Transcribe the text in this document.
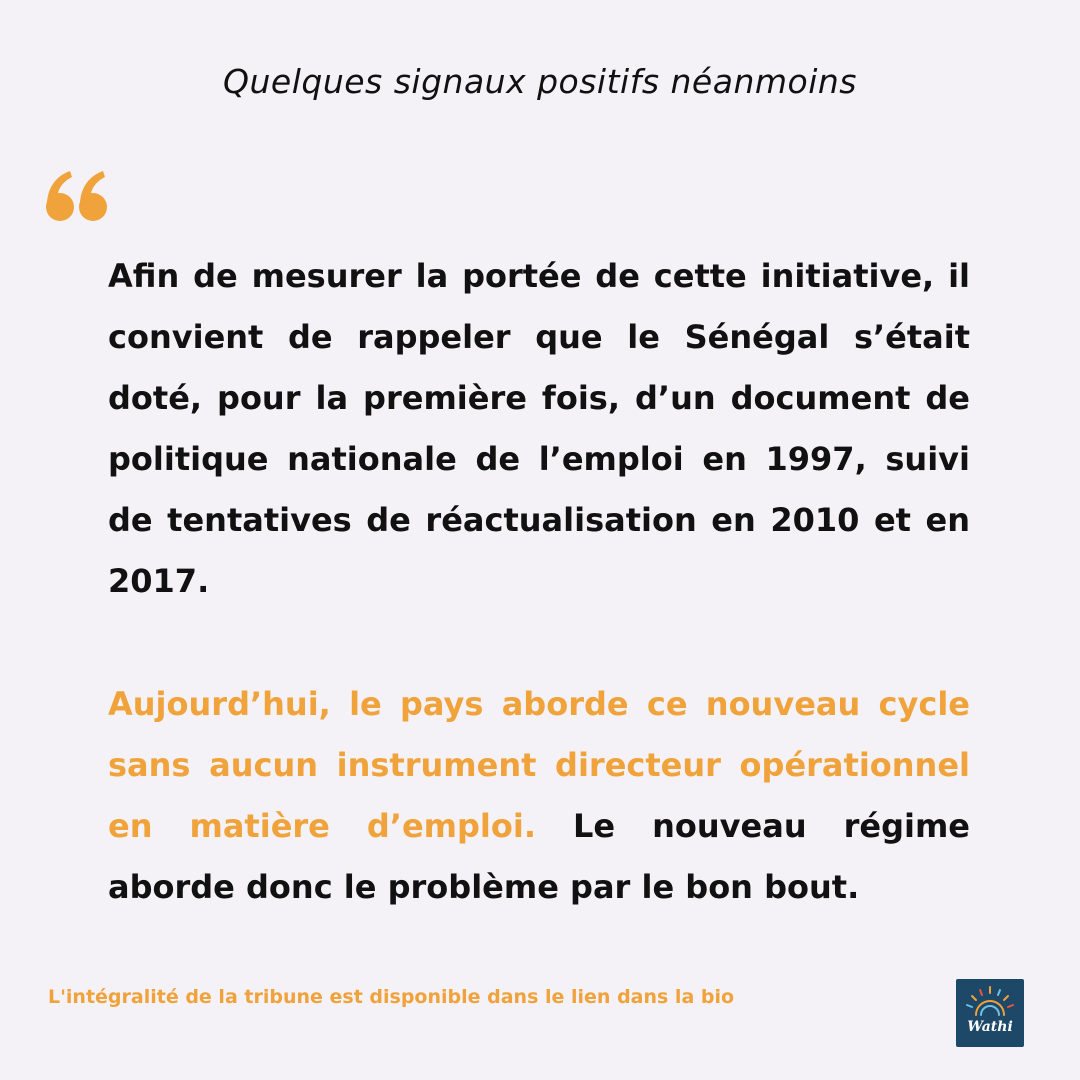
Quelques signaux positifs néanmoins
Afin de mesurer la portée de cette initiative, il convient de rappeler que le Sénégal s’était doté, pour la première fois, d’un document de politique nationale de l’emploi en 1997, suivi de tentatives de réactualisation en 2010 et en 2017.
Aujourd’hui, le pays aborde ce nouveau cycle sans aucun instrument directeur opérationnel en matière d’emploi. Le nouveau régime aborde donc le problème par le bon bout.
L'intégralité de la tribune est disponible dans le lien dans la bio
Wathi
